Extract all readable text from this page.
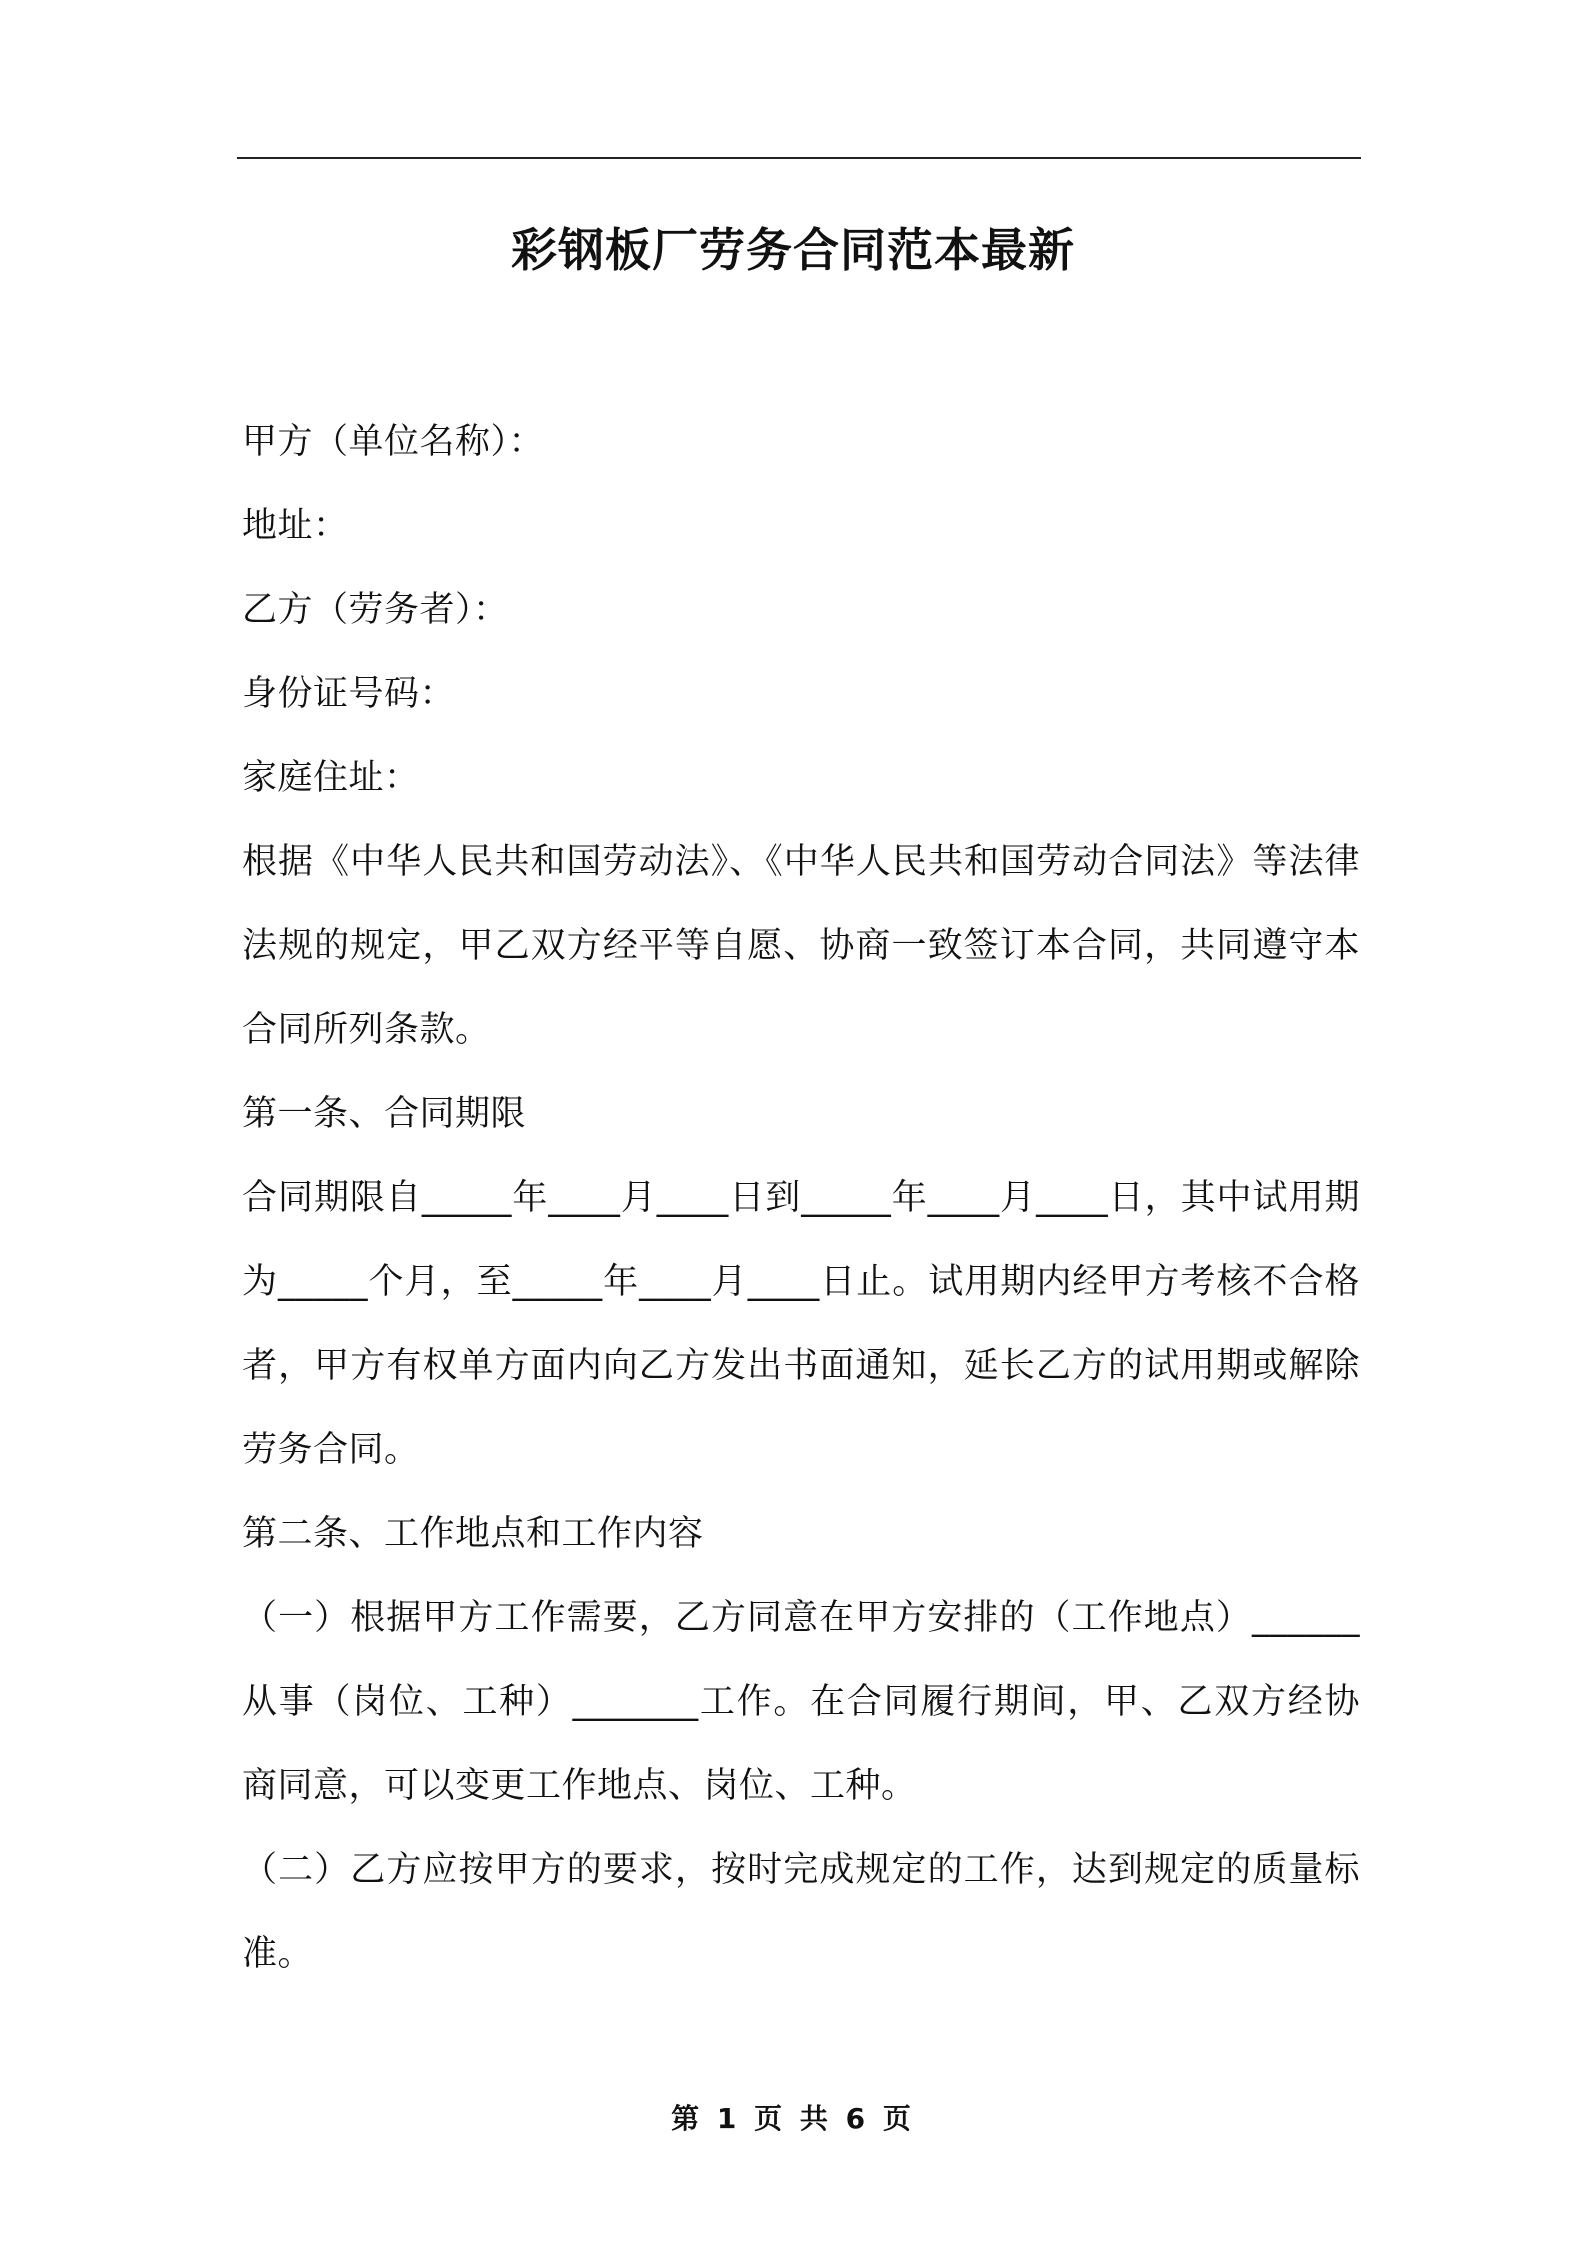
彩钢板厂劳务合同范本最新

甲方（单位名称）：

地址：

乙方（劳务者）：

身份证号码：

家庭住址：

根据《中华人民共和国劳动法》、《中华人民共和国劳动合同法》等法律法规的规定，甲乙双方经平等自愿、协商一致签订本合同，共同遵守本合同所列条款。

第一条、合同期限

合同期限自_____年____月____日到_____年____月____日，其中试用期为_____个月，至_____年____月____日止。试用期内经甲方考核不合格者，甲方有权单方面内向乙方发出书面通知，延长乙方的试用期或解除劳务合同。

第二条、工作地点和工作内容

（一）根据甲方工作需要，乙方同意在甲方安排的（工作地点）______从事（岗位、工种）_______工作。在合同履行期间，甲、乙双方经协商同意，可以变更工作地点、岗位、工种。

（二）乙方应按甲方的要求，按时完成规定的工作，达到规定的质量标准。

第 1 页 共 6 页
